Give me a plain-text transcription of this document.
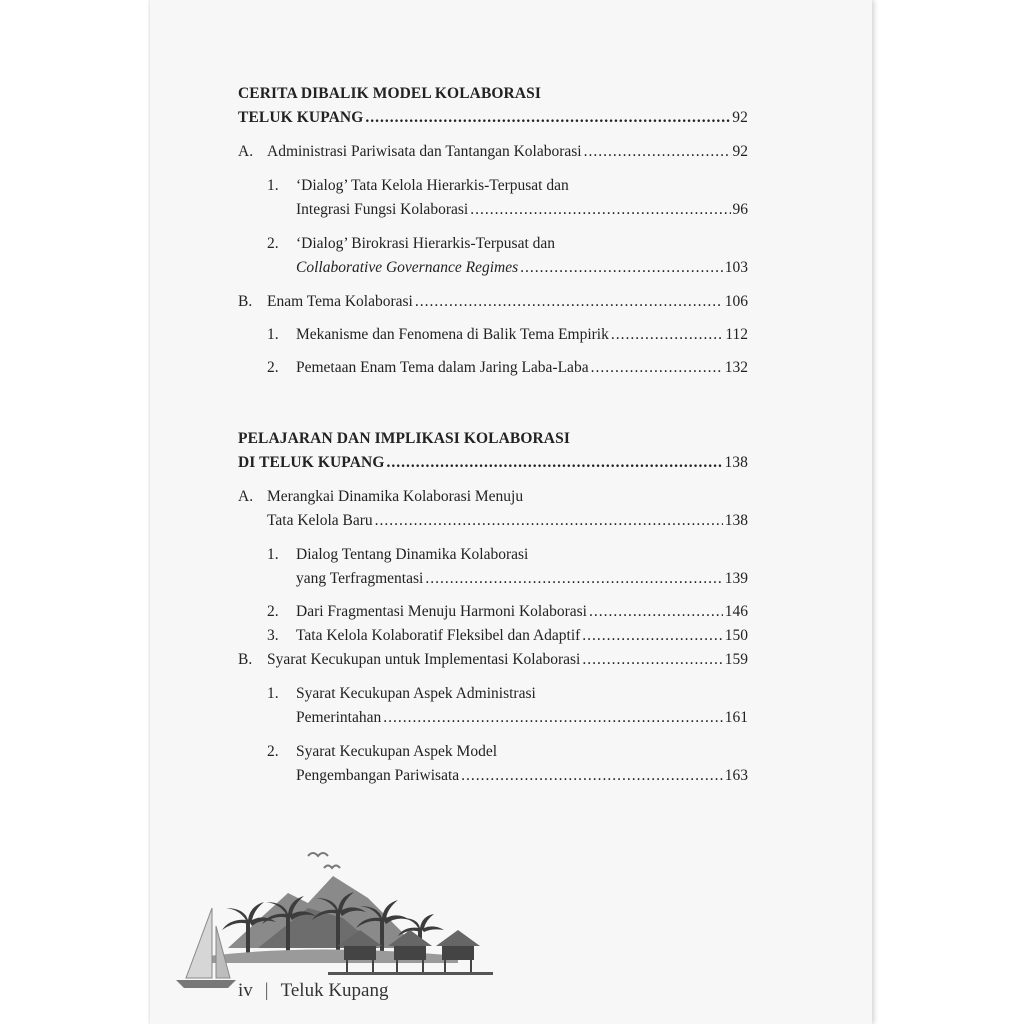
CERITA DIBALIK MODEL KOLABORASI
TELUK KUPANG .....	92
A. Administrasi Pariwisata dan Tantangan Kolaborasi .....	92
1. ‘Dialog’ Tata Kelola Hierarkis-Terpusat dan
Integrasi Fungsi Kolaborasi .....	96
2. ‘Dialog’ Birokrasi Hierarkis-Terpusat dan
Collaborative Governance Regimes .....	103
B. Enam Tema Kolaborasi .....	106
1.	Mekanisme dan Fenomena di Balik Tema Empirik .....	112
2.	Pemetaan Enam Tema dalam Jaring Laba-Laba .....	132
PELAJARAN DAN IMPLIKASI KOLABORASI
DI TELUK KUPANG .....	138
A. Merangkai Dinamika Kolaborasi Menuju
Tata Kelola Baru .....	138
1. Dialog Tentang Dinamika Kolaborasi
yang Terfragmentasi .....	139
2.	Dari Fragmentasi Menuju Harmoni Kolaborasi .....	146
3.	Tata Kelola Kolaboratif Fleksibel dan Adaptif .....	150
B. Syarat Kecukupan untuk Implementasi Kolaborasi .....	159
1. Syarat Kecukupan Aspek Administrasi
Pemerintahan .....	161
2. Syarat Kecukupan Aspek Model
Pengembangan Pariwisata .....	163
iv | Teluk Kupang
